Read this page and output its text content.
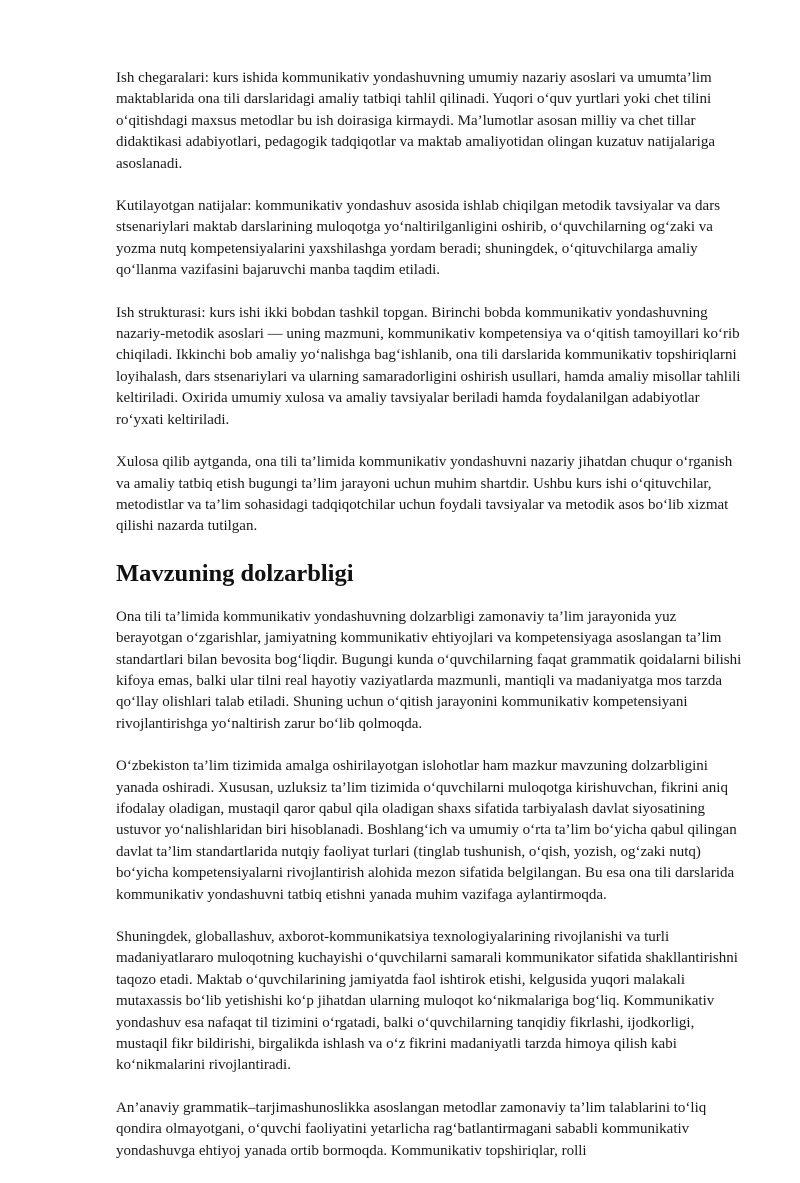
Ish chegaralari: kurs ishida kommunikativ yondashuvning umumiy nazariy asoslari va umumta’lim maktablarida ona tili darslaridagi amaliy tatbiqi tahlil qilinadi. Yuqori o‘quv yurtlari yoki chet tilini o‘qitishdagi maxsus metodlar bu ish doirasiga kirmaydi. Ma’lumotlar asosan milliy va chet tillar didaktikasi adabiyotlari, pedagogik tadqiqotlar va maktab amaliyotidan olingan kuzatuv natijalariga asoslanadi.

Kutilayotgan natijalar: kommunikativ yondashuv asosida ishlab chiqilgan metodik tavsiyalar va dars stsenariylari maktab darslarining muloqotga yo‘naltirilganligini oshirib, o‘quvchilarning og‘zaki va yozma nutq kompetensiyalarini yaxshilashga yordam beradi; shuningdek, o‘qituvchilarga amaliy qo‘llanma vazifasini bajaruvchi manba taqdim etiladi.

Ish strukturasi: kurs ishi ikki bobdan tashkil topgan. Birinchi bobda kommunikativ yondashuvning nazariy-metodik asoslari — uning mazmuni, kommunikativ kompetensiya va o‘qitish tamoyillari ko‘rib chiqiladi. Ikkinchi bob amaliy yo‘nalishga bag‘ishlanib, ona tili darslarida kommunikativ topshiriqlarni loyihalash, dars stsenariylari va ularning samaradorligini oshirish usullari, hamda amaliy misollar tahlili keltiriladi. Oxirida umumiy xulosa va amaliy tavsiyalar beriladi hamda foydalanilgan adabiyotlar ro‘yxati keltiriladi.

Xulosa qilib aytganda, ona tili ta’limida kommunikativ yondashuvni nazariy jihatdan chuqur o‘rganish va amaliy tatbiq etish bugungi ta’lim jarayoni uchun muhim shartdir. Ushbu kurs ishi o‘qituvchilar, metodistlar va ta’lim sohasidagi tadqiqotchilar uchun foydali tavsiyalar va metodik asos bo‘lib xizmat qilishi nazarda tutilgan.

Mavzuning dolzarbligi

Ona tili ta’limida kommunikativ yondashuvning dolzarbligi zamonaviy ta’lim jarayonida yuz berayotgan o‘zgarishlar, jamiyatning kommunikativ ehtiyojlari va kompetensiyaga asoslangan ta’lim standartlari bilan bevosita bog‘liqdir. Bugungi kunda o‘quvchilarning faqat grammatik qoidalarni bilishi kifoya emas, balki ular tilni real hayotiy vaziyatlarda mazmunli, mantiqli va madaniyatga mos tarzda qo‘llay olishlari talab etiladi. Shuning uchun o‘qitish jarayonini kommunikativ kompetensiyani rivojlantirishga yo‘naltirish zarur bo‘lib qolmoqda.

O‘zbekiston ta’lim tizimida amalga oshirilayotgan islohotlar ham mazkur mavzuning dolzarbligini yanada oshiradi. Xususan, uzluksiz ta’lim tizimida o‘quvchilarni muloqotga kirishuvchan, fikrini aniq ifodalay oladigan, mustaqil qaror qabul qila oladigan shaxs sifatida tarbiyalash davlat siyosatining ustuvor yo‘nalishlaridan biri hisoblanadi. Boshlang‘ich va umumiy o‘rta ta’lim bo‘yicha qabul qilingan davlat ta’lim standartlarida nutqiy faoliyat turlari (tinglab tushunish, o‘qish, yozish, og‘zaki nutq) bo‘yicha kompetensiyalarni rivojlantirish alohida mezon sifatida belgilangan. Bu esa ona tili darslarida kommunikativ yondashuvni tatbiq etishni yanada muhim vazifaga aylantirmoqda.

Shuningdek, globallashuv, axborot-kommunikatsiya texnologiyalarining rivojlanishi va turli madaniyatlararo muloqotning kuchayishi o‘quvchilarni samarali kommunikator sifatida shakllantirishni taqozo etadi. Maktab o‘quvchilarining jamiyatda faol ishtirok etishi, kelgusida yuqori malakali mutaxassis bo‘lib yetishishi ko‘p jihatdan ularning muloqot ko‘nikmalariga bog‘liq. Kommunikativ yondashuv esa nafaqat til tizimini o‘rgatadi, balki o‘quvchilarning tanqidiy fikrlashi, ijodkorligi, mustaqil fikr bildirishi, birgalikda ishlash va o‘z fikrini madaniyatli tarzda himoya qilish kabi ko‘nikmalarini rivojlantiradi.

An’anaviy grammatik–tarjimashunoslikka asoslangan metodlar zamonaviy ta’lim talablarini to‘liq qondira olmayotgani, o‘quvchi faoliyatini yetarlicha rag‘batlantirmagani sababli kommunikativ yondashuvga ehtiyoj yanada ortib bormoqda. Kommunikativ topshiriqlar, rolli
